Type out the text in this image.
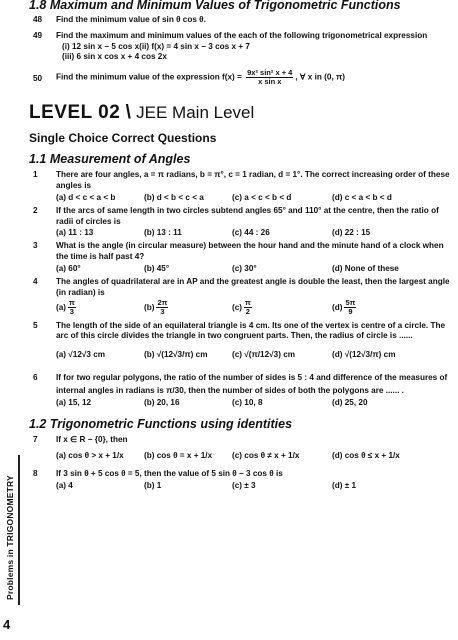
Problems in TRIGONOMETRY
4
1.8 Maximum and Minimum Values of Trigonometric Functions
48 Find the minimum value of sin θ cos θ.
49 Find the maximum and minimum values of the each of the following trigonometrical expression
(i) 12 sin x − 5 cos x(ii) f(x) = 4 sin x − 3 cos x + 7
(iii) 6 sin x cos x + 4 cos 2x
50 Find the minimum value of the expression $f(x) = \frac{\text{9x² sin² x + 4}}{\text{x sin x}}$ , ∀ x in (0, π)
LEVEL 02 \ JEE Main Level
Single Choice Correct Questions
1.1 Measurement of Angles
1 There are four angles, a = π radians, b = π°, c = 1 radian, d = 1°. The correct increasing order of these angles is
(a) d < c < a < b	(b) d < b < c < a	(c) a < c < b < d	(d) c < a < b < d
2 If the arcs of same length in two circles subtend angles 65° and 110° at the centre, then the ratio of radii of circles is
(a) 11 : 13	(b) 13 : 11	(c) 44 : 26	(d) 22 : 15
3 What is the angle (in circular measure) between the hour hand and the minute hand of a clock when the time is half past 4?
(a) 60°	(b) 45°	(c) 30°	(d) None of these
4 The angles of quadrilateral are in AP and the greatest angle is double the least, then the largest angle (in radian) is
$(a) \frac{\pi}{3}$	$(b) \frac{2\pi}{3}$	$(c) \frac{\pi}{2}$	$(d) \frac{5\pi}{9}$
5 The length of the side of an equilateral triangle is 4 cm. Its one of the vertex is centre of a circle. The arc of this circle divides the triangle in two congruent parts. Then, the radius of circle is ......
(a) √12√3 cm	(b) √(12√3/π) cm	(c) √(π/12√3) cm	(d) √(12√3/π) cm
6 If for two regular polygons, the ratio of the number of sides is 5 : 4 and difference of the measures of internal angles in radians is π/30, then the number of sides of both the polygons are ...... .
(a) 15, 12	(b) 20, 16	(c) 10, 8	(d) 25, 20
1.2 Trigonometric Functions using identities
7 If x ∈ R − {0}, then
(a) cos θ > x + 1/x	(b) cos θ = x + 1/x	(c) cos θ ≠ x + 1/x	(d) cos θ ≤ x + 1/x
8 If 3 sin θ + 5 cos θ = 5, then the value of 5 sin θ − 3 cos θ is
(a) 4	(b) 1	(c) ± 3	(d) ± 1
